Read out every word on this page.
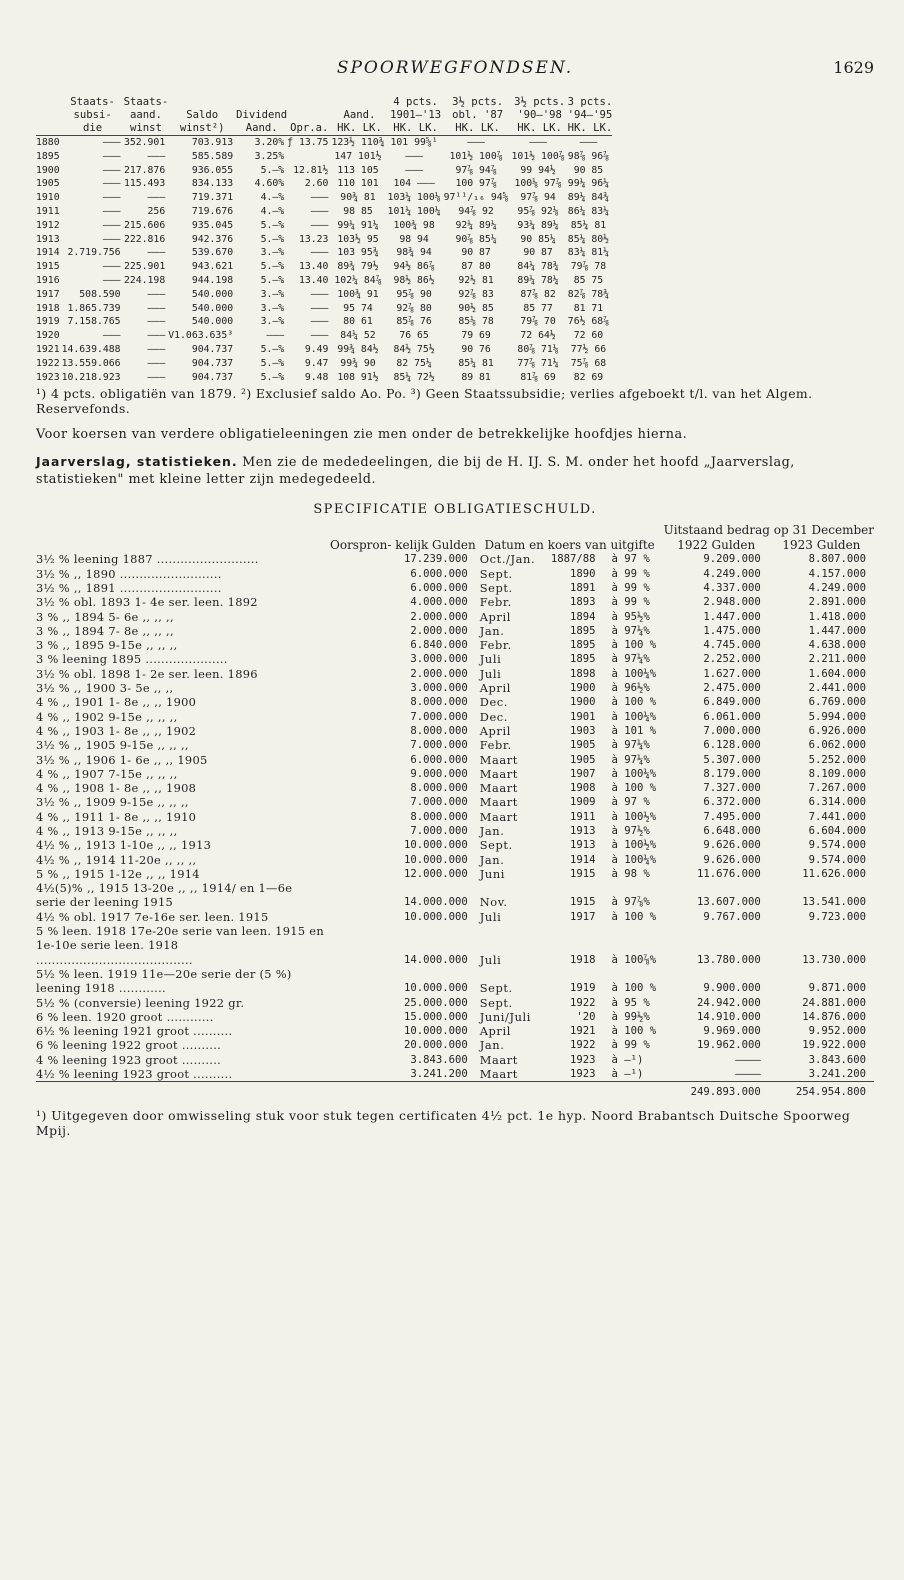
SPOORWEGFONDSEN.	1629
	Staats-	Staats-					4 pcts.	3½ pcts.	3½ pcts.	3 pcts.
	subsi-	aand.	Saldo	Dividend		Aand.	1901—'13	obl. '87	'90—'98	'94—'95
	die	winst	winst²)	Aand.	Opr.a.	HK. LK.	HK. LK.	HK. LK.	HK. LK.	HK. LK.
1880	———	352.901	703.913	3.20%	ƒ 13.75	123½ 110¾	101 99⅝¹	———	———	———
1895	———	———	585.589	3.25%		147 101½	———	101½ 100⅞	101½ 100⅞	98⅞ 96⅞
1900	———	217.876	936.055	5.—%	12.81½	113 105	———	97⅞ 94⅞	99 94½	90 85
1905	———	115.493	834.133	4.60%	2.60	110 101	104 ———	100 97⅞	100⅛ 97⅞	99¼ 96¼
1910	———	———	719.371	4.—%	———	90¾ 81	103¼ 100⅛	97¹¹/₁₆ 94⅝	97⅞ 94	89¼ 84¾
1911	———	256	719.676	4.—%	———	98 85	101¼ 100¼	94⅞ 92	95⅞ 92⅛	86¼ 83¼
1912	———	215.606	935.045	5.—%	———	99¼ 91¼	100¾ 98	92¼ 89¼	93¼ 89¼	85¼ 81
1913	———	222.816	942.376	5.—%	13.23	103½ 95	98 94	90⅞ 85¼	90 85¼	85¼ 80½
1914	2.719.756	———	539.670	3.—%	———	103 95¾	98¾ 94	90 87	90 87	83¼ 81¼
1915	———	225.901	943.621	5.—%	13.40	89¾ 79½	94½ 86⅞	87 80	84¼ 78¾	79⅞ 78
1916	———	224.198	944.198	5.—%	13.40	102¼ 84⅞	98½ 86½	92½ 81	89¼ 78¼	85 75
1917	508.590	———	540.000	3.—%	———	100¾ 91	95⅞ 90	92⅞ 83	87⅞ 82	82⅞ 78¾
1918	1.865.739	———	540.000	3.—%	———	95 74	92⅞ 80	90½ 85	85 77	81 71
1919	7.158.765	———	540.000	3.—%	———	80 61	85⅞ 76	85⅛ 78	79⅞ 70	76½ 68⅞
1920	———	———	V1.063.635³	———	———	84¼ 52	76 65	79 69	72 64½	72 60
1921	14.639.488	———	904.737	5.—%	9.49	99¾ 84½	84½ 75½	90 76	80⅞ 71⅛	77½ 66
1922	13.559.066	———	904.737	5.—%	9.47	99¾ 90	82 75¼	85¼ 81	77⅞ 71¼	75⅞ 68
1923	10.218.923	———	904.737	5.—%	9.48	108 91½	85¼ 72½	89 81	81⅞ 69	82 69
¹) 4 pcts. obligatiën van 1879. ²) Exclusief saldo Ao. Po. ³) Geen Staatssubsidie; verlies afgeboekt t/l. van het Algem. Reservefonds.
Voor koersen van verdere obligatieleeningen zie men onder de betrekkelijke hoofdjes hierna.
Jaarverslag, statistieken. Men zie de mededeelingen, die bij de H. IJ. S. M. onder het hoofd „Jaarverslag, statistieken" met kleine letter zijn medegedeeld.
SPECIFICATIE OBLIGATIESCHULD.
	Oorspron- kelijk Gulden	Datum en koers van uitgifte			Uitstaand bedrag op 31 December	
					1922 Gulden	1923 Gulden
3½ % leening 1887 ..........................	17.239.000	Oct./Jan.	1887/88	à 97 %	9.209.000	8.807.000
3½ % ,, 1890 ..........................	6.000.000	Sept.	1890	à 99 %	4.249.000	4.157.000
3½ % ,, 1891 ..........................	6.000.000	Sept.	1891	à 99 %	4.337.000	4.249.000
3½ % obl. 1893 1- 4e ser. leen. 1892	4.000.000	Febr.	1893	à 99 %	2.948.000	2.891.000
3 % ,, 1894 5- 6e ,, ,, ,,	2.000.000	April	1894	à 95½%	1.447.000	1.418.000
3 % ,, 1894 7- 8e ,, ,, ,,	2.000.000	Jan.	1895	à 97¼%	1.475.000	1.447.000
3 % ,, 1895 9-15e ,, ,, ,,	6.840.000	Febr.	1895	à 100 %	4.745.000	4.638.000
3 % leening 1895 .....................	3.000.000	Juli	1895	à 97¼%	2.252.000	2.211.000
3½ % obl. 1898 1- 2e ser. leen. 1896	2.000.000	Juli	1898	à 100¼%	1.627.000	1.604.000
3½ % ,, 1900 3- 5e ,, ,,	3.000.000	April	1900	à 96½%	2.475.000	2.441.000
4 % ,, 1901 1- 8e ,, ,, 1900	8.000.000	Dec.	1900	à 100 %	6.849.000	6.769.000
4 % ,, 1902 9-15e ,, ,, ,,	7.000.000	Dec.	1901	à 100¼%	6.061.000	5.994.000
4 % ,, 1903 1- 8e ,, ,, 1902	8.000.000	April	1903	à 101 %	7.000.000	6.926.000
3½ % ,, 1905 9-15e ,, ,, ,,	7.000.000	Febr.	1905	à 97¼%	6.128.000	6.062.000
3½ % ,, 1906 1- 6e ,, ,, 1905	6.000.000	Maart	1905	à 97¼%	5.307.000	5.252.000
4 % ,, 1907 7-15e ,, ,, ,,	9.000.000	Maart	1907	à 100¼%	8.179.000	8.109.000
4 % ,, 1908 1- 8e ,, ,, 1908	8.000.000	Maart	1908	à 100 %	7.327.000	7.267.000
3½ % ,, 1909 9-15e ,, ,, ,,	7.000.000	Maart	1909	à 97 %	6.372.000	6.314.000
4 % ,, 1911 1- 8e ,, ,, 1910	8.000.000	Maart	1911	à 100½%	7.495.000	7.441.000
4 % ,, 1913 9-15e ,, ,, ,,	7.000.000	Jan.	1913	à 97½%	6.648.000	6.604.000
4½ % ,, 1913 1-10e ,, ,, 1913	10.000.000	Sept.	1913	à 100½%	9.626.000	9.574.000
4½ % ,, 1914 11-20e ,, ,, ,,	10.000.000	Jan.	1914	à 100¼%	9.626.000	9.574.000
5 % ,, 1915 1-12e ,, ,, 1914	12.000.000	Juni	1915	à 98 %	11.676.000	11.626.000
4½(5)% ,, 1915 13-20e ,, ,, 1914/ en 1—6e serie der leening 1915	14.000.000	Nov.	1915	à 97⅞%	13.607.000	13.541.000
4½ % obl. 1917 7e-16e ser. leen. 1915	10.000.000	Juli	1917	à 100 %	9.767.000	9.723.000
5 % leen. 1918 17e-20e serie van leen. 1915 en 1e-10e serie leen. 1918 ........................................	14.000.000	Juli	1918	à 100⅞%	13.780.000	13.730.000
5½ % leen. 1919 11e—20e serie der (5 %) leening 1918 ............	10.000.000	Sept.	1919	à 100 %	9.900.000	9.871.000
5½ % (conversie) leening 1922 gr.	25.000.000	Sept.	1922	à 95 %	24.942.000	24.881.000
6 % leen. 1920 groot ............	15.000.000	Juni/Juli	'20	à 99½%	14.910.000	14.876.000
6½ % leening 1921 groot ..........	10.000.000	April	1921	à 100 %	9.969.000	9.952.000
6 % leening 1922 groot ..........	20.000.000	Jan.	1922	à 99 %	19.962.000	19.922.000
4 % leening 1923 groot ..........	3.843.600	Maart	1923	à —¹)	————	3.843.600
4½ % leening 1923 groot ..........	3.241.200	Maart	1923	à —¹)	————	3.241.200
					249.893.000	254.954.800
¹) Uitgegeven door omwisseling stuk voor stuk tegen certificaten 4½ pct. 1e hyp. Noord Brabantsch Duitsche Spoorweg Mpij.
